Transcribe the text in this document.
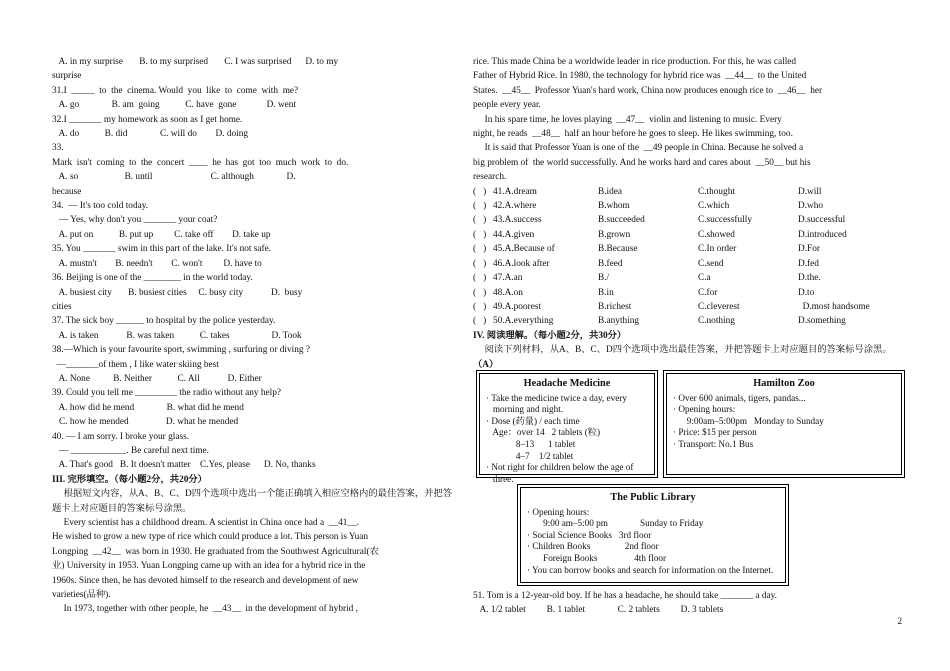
A. in my surprise       B. to my surprised       C. I was surprised      D. to my
surprise
31.I  _____  to  the  cinema. Would  you  like  to  come  with  me?
A. go              B. am  going           C. have  gone             D. went
32.I _______ my homework as soon as I get home.
A. do           B. did              C. will do        D. doing
33.
Mark  isn't  coming  to  the  concert  ____  he  has  got  too  much  work  to  do.
A. so                    B. until                         C. although              D.
because
34.  — It's too cold today.
— Yes, why don't you _______ your coat?
A. put on           B. put up         C. take off        D. take up
35. You _______ swim in this part of the lake. It's not safe.
A. mustn't        B. needn't        C. won't         D. have to
36. Beijing is one of the ________ in the world today.
A. busiest city       B. busiest cities     C. busy city            D.  busy
cities
37. The sick boy ______ to hospital by the police yesterday.
A. is taken            B. was taken           C. takes                  D. Took
38.—Which is your favourite sport, swimming , surfuring or diving ?
—_______of them , I like water skiing best
A. None          B. Neither           C. All            D. Either
39. Could you tell me _________ the radio without any help?
A. how did he mend              B. what did he mend
C. how he mended                D. what he mended
40. — I am sorry. I broke your glass.
— ____________. Be careful next time.
A. That's good   B. It doesn't matter    C.Yes, please      D. No, thanks
III. 完形填空。（每小题2分，共20分）
根据短文内容，从A、B、C、D四个选项中选出一个能正确填入相应空格内的最佳答案，并把答
题卡上对应题目的答案标号涂黑。
Every scientist has a childhood dream. A scientist in China once had a  __41__.
He wished to grow a new type of rice which could produce a lot. This person is Yuan
Longping  __42__  was born in 1930. He graduated from the Southwest Agricultural(农
业) University in 1953. Yuan Longping came up with an idea for a hybrid rice in the
1960s. Since then, he has devoted himself to the research and development of new
varieties(品种).
In 1973, together with other people, he  __43__  in the development of hybrid ,
rice. This made China be a worldwide leader in rice production. For this, he was called
Father of Hybrid Rice. In 1980, the technology for hybrid rice was  __44__  to the United
States.  __45__  Professor Yuan's hard work, China now produces enough rice to  __46__  her
people every year.
In his spare time, he loves playing  __47__  violin and listening to music. Every
night, he reads  __48__  half an hour before he goes to sleep. He likes swimming, too.
It is said that Professor Yuan is one of the  __49 people in China. Because he solved a
big problem of  the world successfully. And he works hard and cares about  __50__ but his
research.
(   ) 41.A.dream	B.idea	C.thought	D.will
(   ) 42.A.where	B.whom	C.which	D.who
(   ) 43.A.success	B.succeeded	C.successfully	D.successful
(   ) 44.A.given	B.grown	C.showed	D.introduced
(   ) 45.A.Because of	B.Because	C.In order	D.For
(   ) 46.A.look after	B.feed	C.send	D.fed
(   ) 47.A.an	B./	C.a	D.the.
(   ) 48.A.on	B.in	C.for	D.to
(   ) 49.A.poorest	B.richest	C.cleverest	D.most handsome
(   ) 50.A.everything	B.anything	C.nothing	D.something
IV. 阅读理解。（每小题2分，共30分）
阅读下列材料，从A、B、C、D四个选项中选出最佳答案，并把答题卡上对应题目的答案标号涂黑。
（A）
Headache Medicine
· Take the medicine twice a day, every
morning and night.
· Dose (药量) / each time
Age：over 14   2 tablets (粒)
8–13      1 tablet
4–7    1/2 tablet
· Not right for children below the age of
three.
Hamilton Zoo
· Over 600 animals, tigers, pandas...
· Opening hours:
9:00am–5:00pm   Monday to Sunday
· Price: $15 per person
· Transport: No.1 Bus
The Public Library
· Opening hours:
9:00 am–5:00 pm              Sunday to Friday
· Social Science Books   3rd floor
· Children Books               2nd floor
Foreign Books                4th floor
· You can borrow books and search for information on the Internet.
51. Tom is a 12-year-old boy. If he has a headache, he should take _______ a day.
A. 1/2 tablet         B. 1 tablet              C. 2 tablets         D. 3 tablets
2
